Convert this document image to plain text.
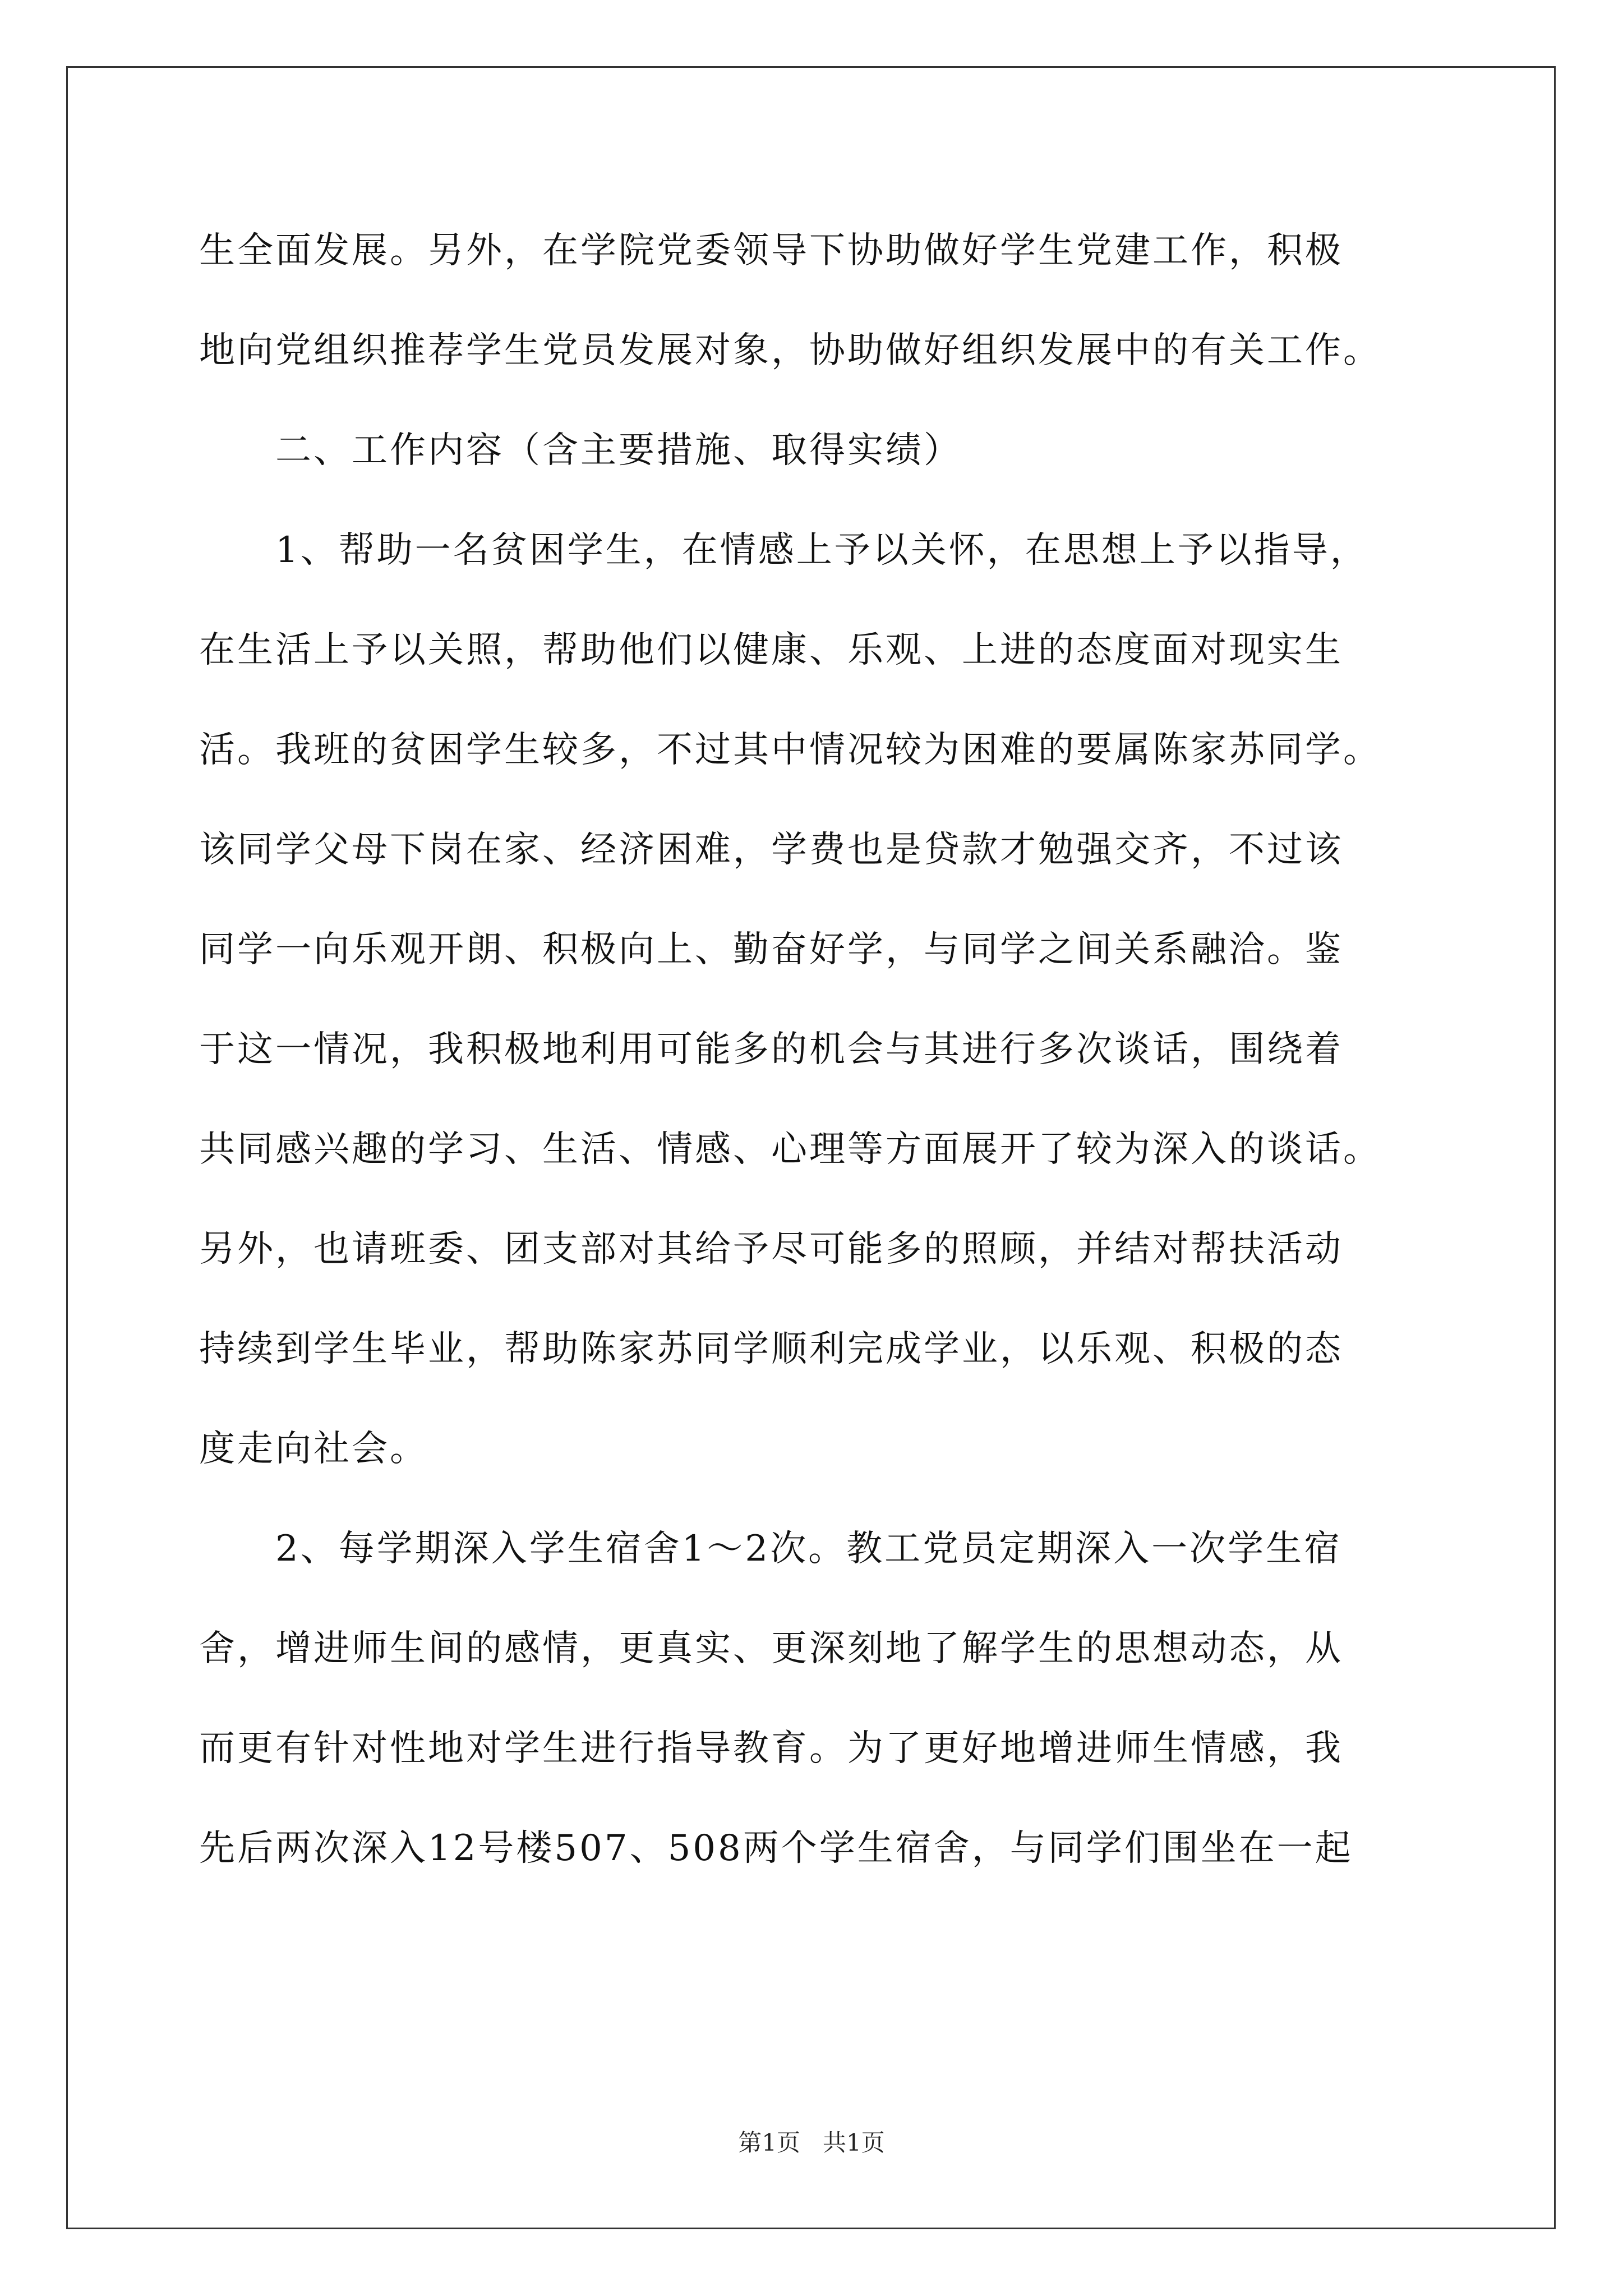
生全面发展。另外，在学院党委领导下协助做好学生党建工作，积极

地向党组织推荐学生党员发展对象，协助做好组织发展中的有关工作。

二、工作内容（含主要措施、取得实绩）

1、帮助一名贫困学生，在情感上予以关怀，在思想上予以指导，

在生活上予以关照，帮助他们以健康、乐观、上进的态度面对现实生

活。我班的贫困学生较多，不过其中情况较为困难的要属陈家苏同学。

该同学父母下岗在家、经济困难，学费也是贷款才勉强交齐，不过该

同学一向乐观开朗、积极向上、勤奋好学，与同学之间关系融洽。鉴

于这一情况，我积极地利用可能多的机会与其进行多次谈话，围绕着

共同感兴趣的学习、生活、情感、心理等方面展开了较为深入的谈话。

另外，也请班委、团支部对其给予尽可能多的照顾，并结对帮扶活动

持续到学生毕业，帮助陈家苏同学顺利完成学业，以乐观、积极的态

度走向社会。

2、每学期深入学生宿舍1～2次。教工党员定期深入一次学生宿

舍，增进师生间的感情，更真实、更深刻地了解学生的思想动态，从

而更有针对性地对学生进行指导教育。为了更好地增进师生情感，我

先后两次深入12号楼507、508两个学生宿舍，与同学们围坐在一起

第1页   共1页
